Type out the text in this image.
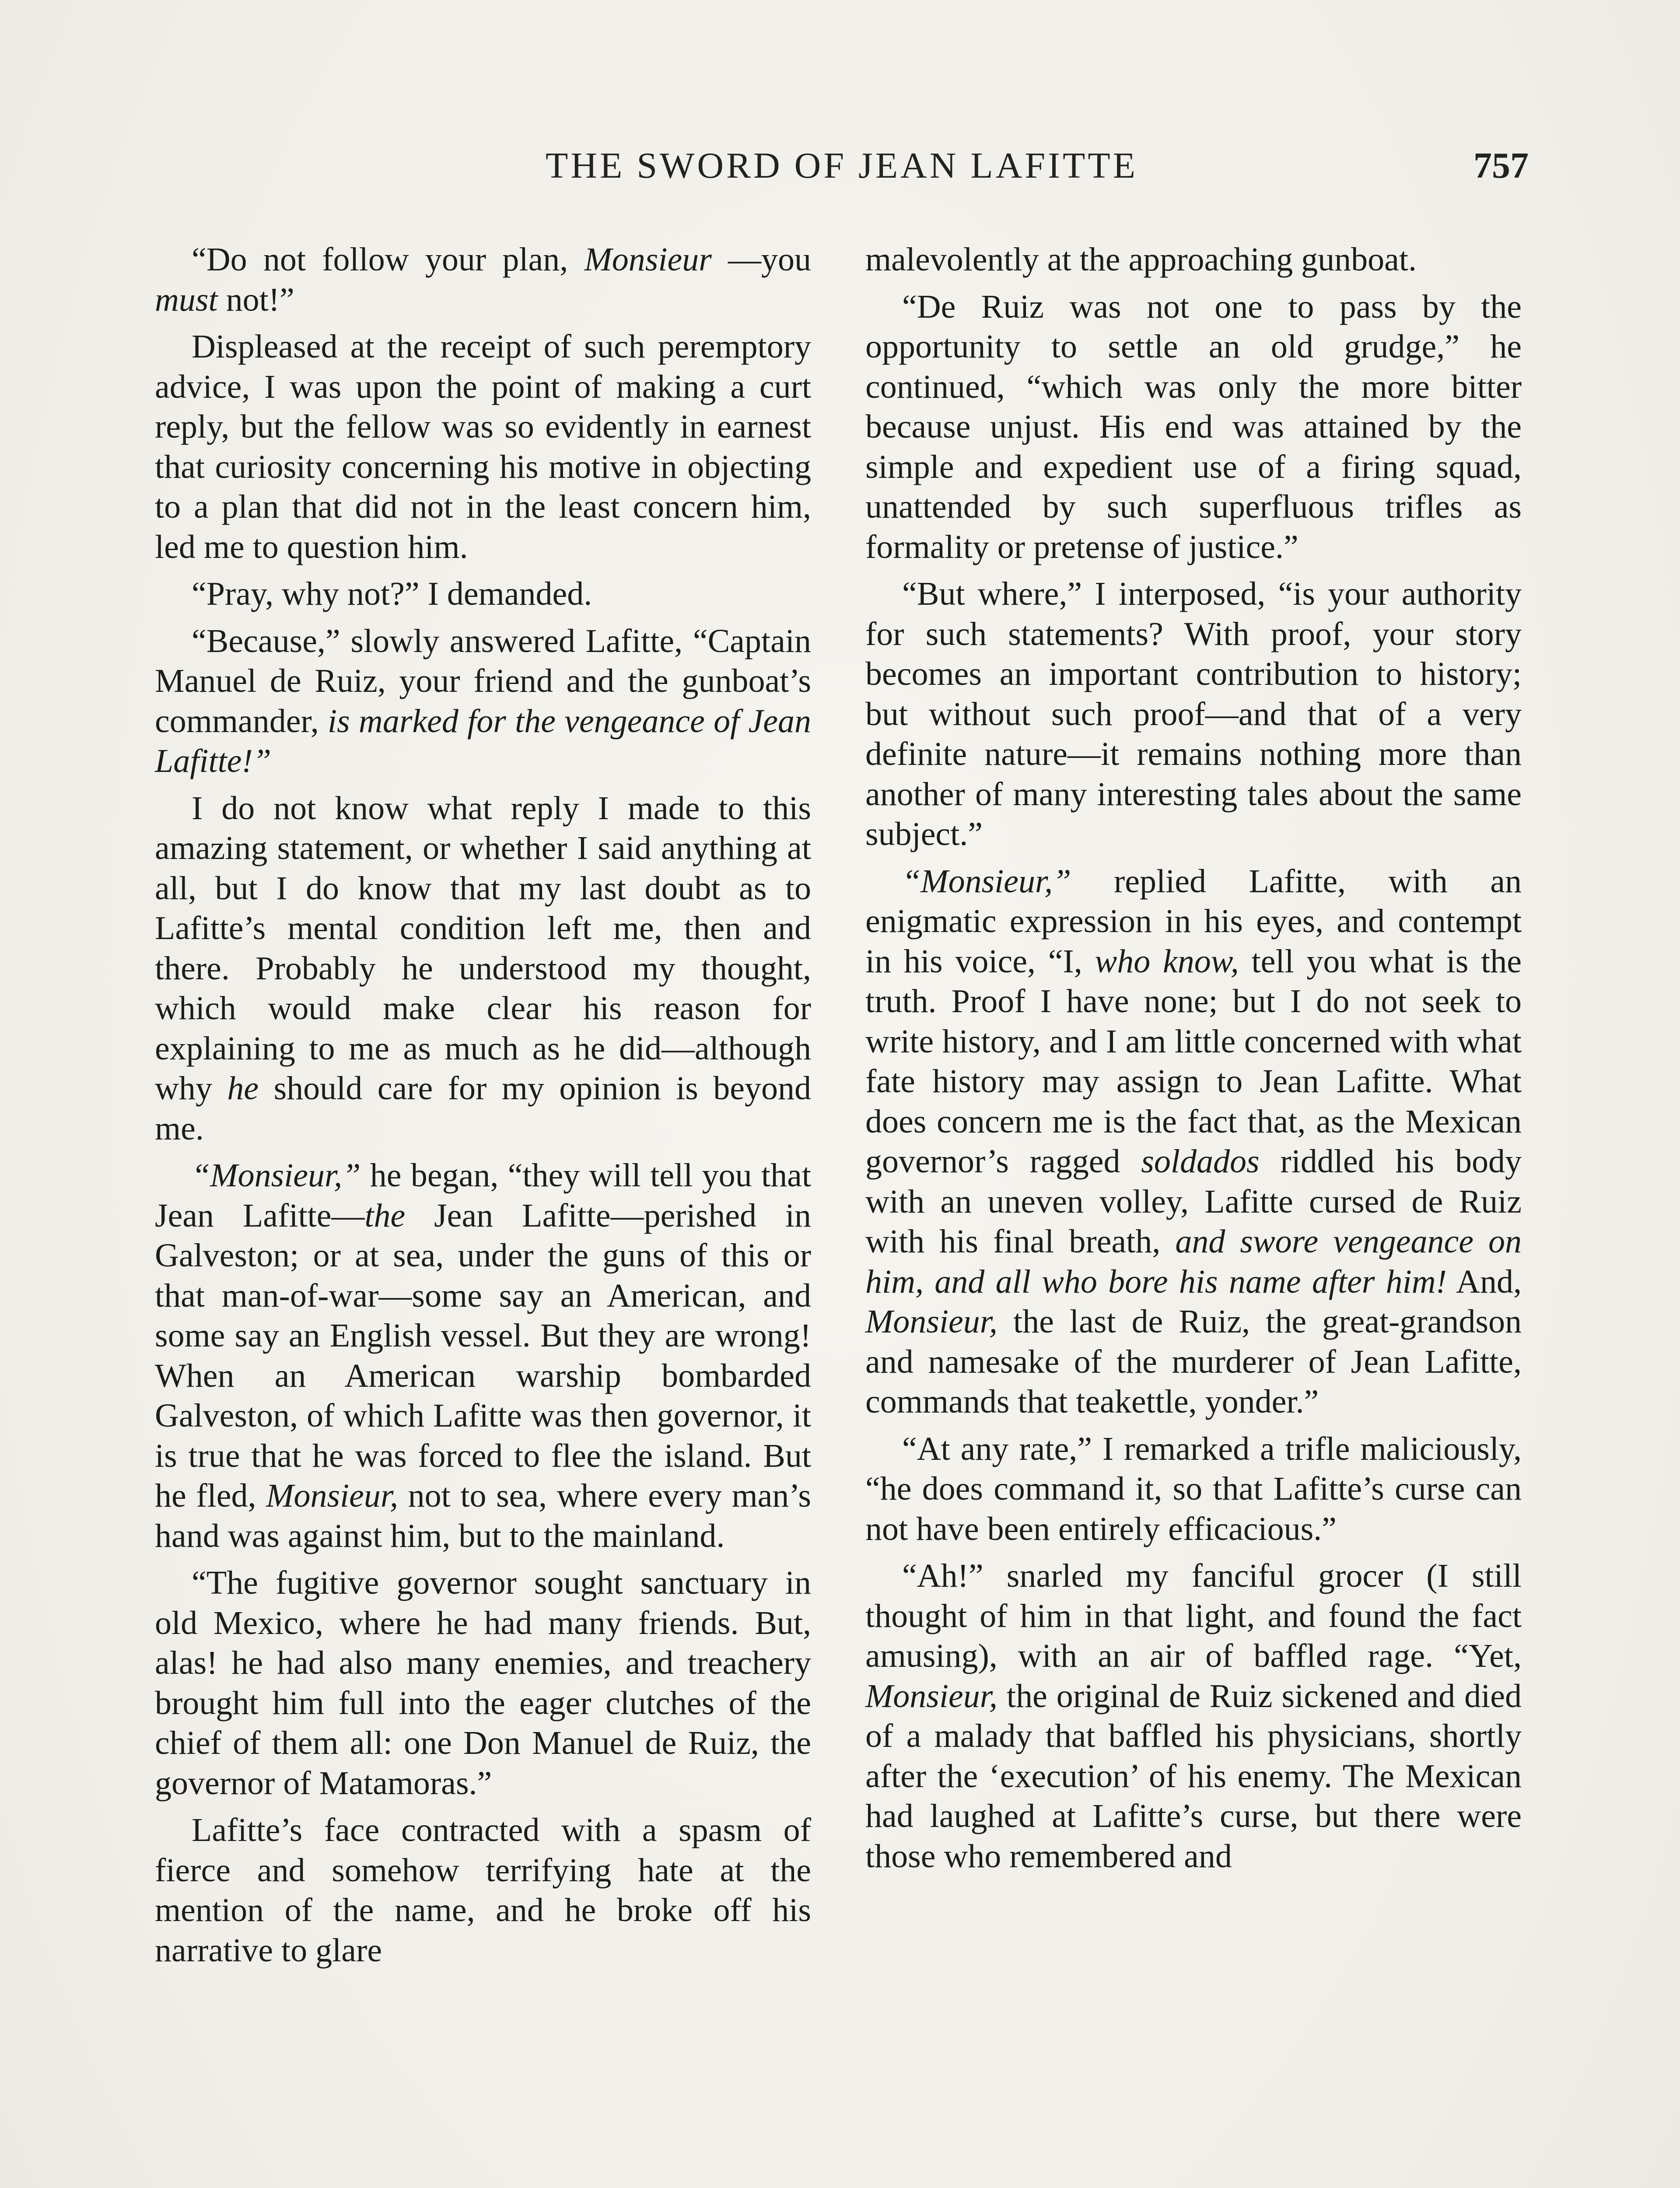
THE SWORD OF JEAN LAFITTE	757

“Do not follow your plan, Monsieur —you must not!”

Displeased at the receipt of such peremptory advice, I was upon the point of making a curt reply, but the fellow was so evidently in earnest that curiosity concerning his motive in objecting to a plan that did not in the least concern him, led me to question him.

“Pray, why not?” I demanded.

“Because,” slowly answered Lafitte, “Captain Manuel de Ruiz, your friend and the gunboat’s commander, is marked for the vengeance of Jean Lafitte!”

I do not know what reply I made to this amazing statement, or whether I said anything at all, but I do know that my last doubt as to Lafitte’s mental condition left me, then and there. Probably he understood my thought, which would make clear his reason for explaining to me as much as he did—although why he should care for my opinion is beyond me.

“Monsieur,” he began, “they will tell you that Jean Lafitte—the Jean Lafitte—perished in Galveston; or at sea, under the guns of this or that man-of-war—some say an American, and some say an English vessel. But they are wrong! When an American warship bombarded Galveston, of which Lafitte was then governor, it is true that he was forced to flee the island. But he fled, Monsieur, not to sea, where every man’s hand was against him, but to the mainland.

“The fugitive governor sought sanctuary in old Mexico, where he had many friends. But, alas! he had also many enemies, and treachery brought him full into the eager clutches of the chief of them all: one Don Manuel de Ruiz, the governor of Matamoras.”

Lafitte’s face contracted with a spasm of fierce and somehow terrifying hate at the mention of the name, and he broke off his narrative to glare

malevolently at the approaching gunboat.

“De Ruiz was not one to pass by the opportunity to settle an old grudge,” he continued, “which was only the more bitter because unjust. His end was attained by the simple and expedient use of a firing squad, unattended by such superfluous trifles as formality or pretense of justice.”

“But where,” I interposed, “is your authority for such statements? With proof, your story becomes an important contribution to history; but without such proof—and that of a very definite nature—it remains nothing more than another of many interesting tales about the same subject.”

“Monsieur,” replied Lafitte, with an enigmatic expression in his eyes, and contempt in his voice, “I, who know, tell you what is the truth. Proof I have none; but I do not seek to write history, and I am little concerned with what fate history may assign to Jean Lafitte. What does concern me is the fact that, as the Mexican governor’s ragged soldados riddled his body with an uneven volley, Lafitte cursed de Ruiz with his final breath, and swore vengeance on him, and all who bore his name after him! And, Monsieur, the last de Ruiz, the great-grandson and namesake of the murderer of Jean Lafitte, commands that teakettle, yonder.”

“At any rate,” I remarked a trifle maliciously, “he does command it, so that Lafitte’s curse can not have been entirely efficacious.”

“Ah!” snarled my fanciful grocer (I still thought of him in that light, and found the fact amusing), with an air of baffled rage. “Yet, Monsieur, the original de Ruiz sickened and died of a malady that baffled his physicians, shortly after the ‘execution’ of his enemy. The Mexican had laughed at Lafitte’s curse, but there were those who remembered and
